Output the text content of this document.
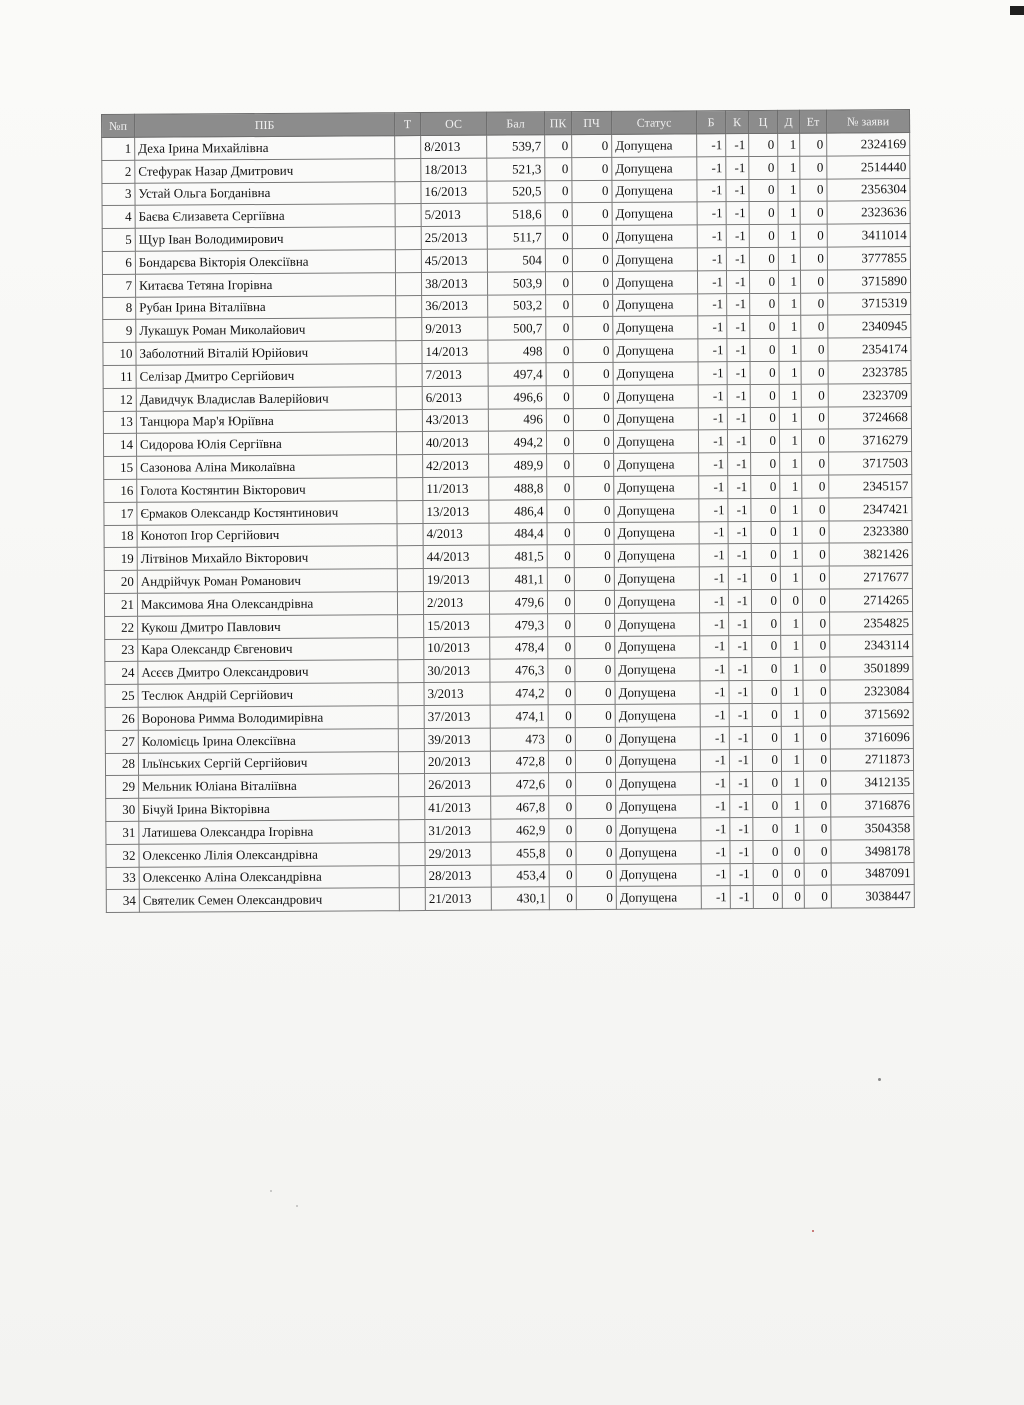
№п	ПІБ	Т	ОС	Бал	ПК	ПЧ	Статус	Б	К	Ц	Д	Ет	№ заяви
1	Деха Ірина Михайлівна		8/2013	539,7	0	0	Допущена	-1	-1	0	1	0	2324169
2	Стефурак Назар Дмитрович		18/2013	521,3	0	0	Допущена	-1	-1	0	1	0	2514440
3	Устай Ольга Богданівна		16/2013	520,5	0	0	Допущена	-1	-1	0	1	0	2356304
4	Баєва Єлизавета Сергіївна		5/2013	518,6	0	0	Допущена	-1	-1	0	1	0	2323636
5	Щур Іван Володимирович		25/2013	511,7	0	0	Допущена	-1	-1	0	1	0	3411014
6	Бондарєва Вікторія Олексіївна		45/2013	504	0	0	Допущена	-1	-1	0	1	0	3777855
7	Китаєва Тетяна Ігорівна		38/2013	503,9	0	0	Допущена	-1	-1	0	1	0	3715890
8	Рубан Ірина Віталіївна		36/2013	503,2	0	0	Допущена	-1	-1	0	1	0	3715319
9	Лукашук Роман Миколайович		9/2013	500,7	0	0	Допущена	-1	-1	0	1	0	2340945
10	Заболотний Віталій Юрійович		14/2013	498	0	0	Допущена	-1	-1	0	1	0	2354174
11	Селізар Дмитро Сергійович		7/2013	497,4	0	0	Допущена	-1	-1	0	1	0	2323785
12	Давидчук Владислав Валерійович		6/2013	496,6	0	0	Допущена	-1	-1	0	1	0	2323709
13	Танцюра Мар'я Юріївна		43/2013	496	0	0	Допущена	-1	-1	0	1	0	3724668
14	Сидорова Юлія Сергіївна		40/2013	494,2	0	0	Допущена	-1	-1	0	1	0	3716279
15	Сазонова Аліна Миколаївна		42/2013	489,9	0	0	Допущена	-1	-1	0	1	0	3717503
16	Голота Костянтин Вікторович		11/2013	488,8	0	0	Допущена	-1	-1	0	1	0	2345157
17	Єрмаков Олександр Костянтинович		13/2013	486,4	0	0	Допущена	-1	-1	0	1	0	2347421
18	Конотоп Ігор Сергійович		4/2013	484,4	0	0	Допущена	-1	-1	0	1	0	2323380
19	Літвінов Михайло Вікторович		44/2013	481,5	0	0	Допущена	-1	-1	0	1	0	3821426
20	Андрійчук Роман Романович		19/2013	481,1	0	0	Допущена	-1	-1	0	1	0	2717677
21	Максимова Яна Олександрівна		2/2013	479,6	0	0	Допущена	-1	-1	0	0	0	2714265
22	Кукош Дмитро Павлович		15/2013	479,3	0	0	Допущена	-1	-1	0	1	0	2354825
23	Кара Олександр Євгенович		10/2013	478,4	0	0	Допущена	-1	-1	0	1	0	2343114
24	Асєєв Дмитро Олександрович		30/2013	476,3	0	0	Допущена	-1	-1	0	1	0	3501899
25	Теслюк Андрій Сергійович		3/2013	474,2	0	0	Допущена	-1	-1	0	1	0	2323084
26	Воронова Римма Володимирівна		37/2013	474,1	0	0	Допущена	-1	-1	0	1	0	3715692
27	Коломієць Ірина Олексіївна		39/2013	473	0	0	Допущена	-1	-1	0	1	0	3716096
28	Ільїнських Сергій Сергійович		20/2013	472,8	0	0	Допущена	-1	-1	0	1	0	2711873
29	Мельник Юліана Віталіївна		26/2013	472,6	0	0	Допущена	-1	-1	0	1	0	3412135
30	Бічуй Ірина Вікторівна		41/2013	467,8	0	0	Допущена	-1	-1	0	1	0	3716876
31	Латишева Олександра Ігорівна		31/2013	462,9	0	0	Допущена	-1	-1	0	1	0	3504358
32	Олексенко Лілія Олександрівна		29/2013	455,8	0	0	Допущена	-1	-1	0	0	0	3498178
33	Олексенко Аліна Олександрівна		28/2013	453,4	0	0	Допущена	-1	-1	0	0	0	3487091
34	Святелик Семен Олександрович		21/2013	430,1	0	0	Допущена	-1	-1	0	0	0	3038447
